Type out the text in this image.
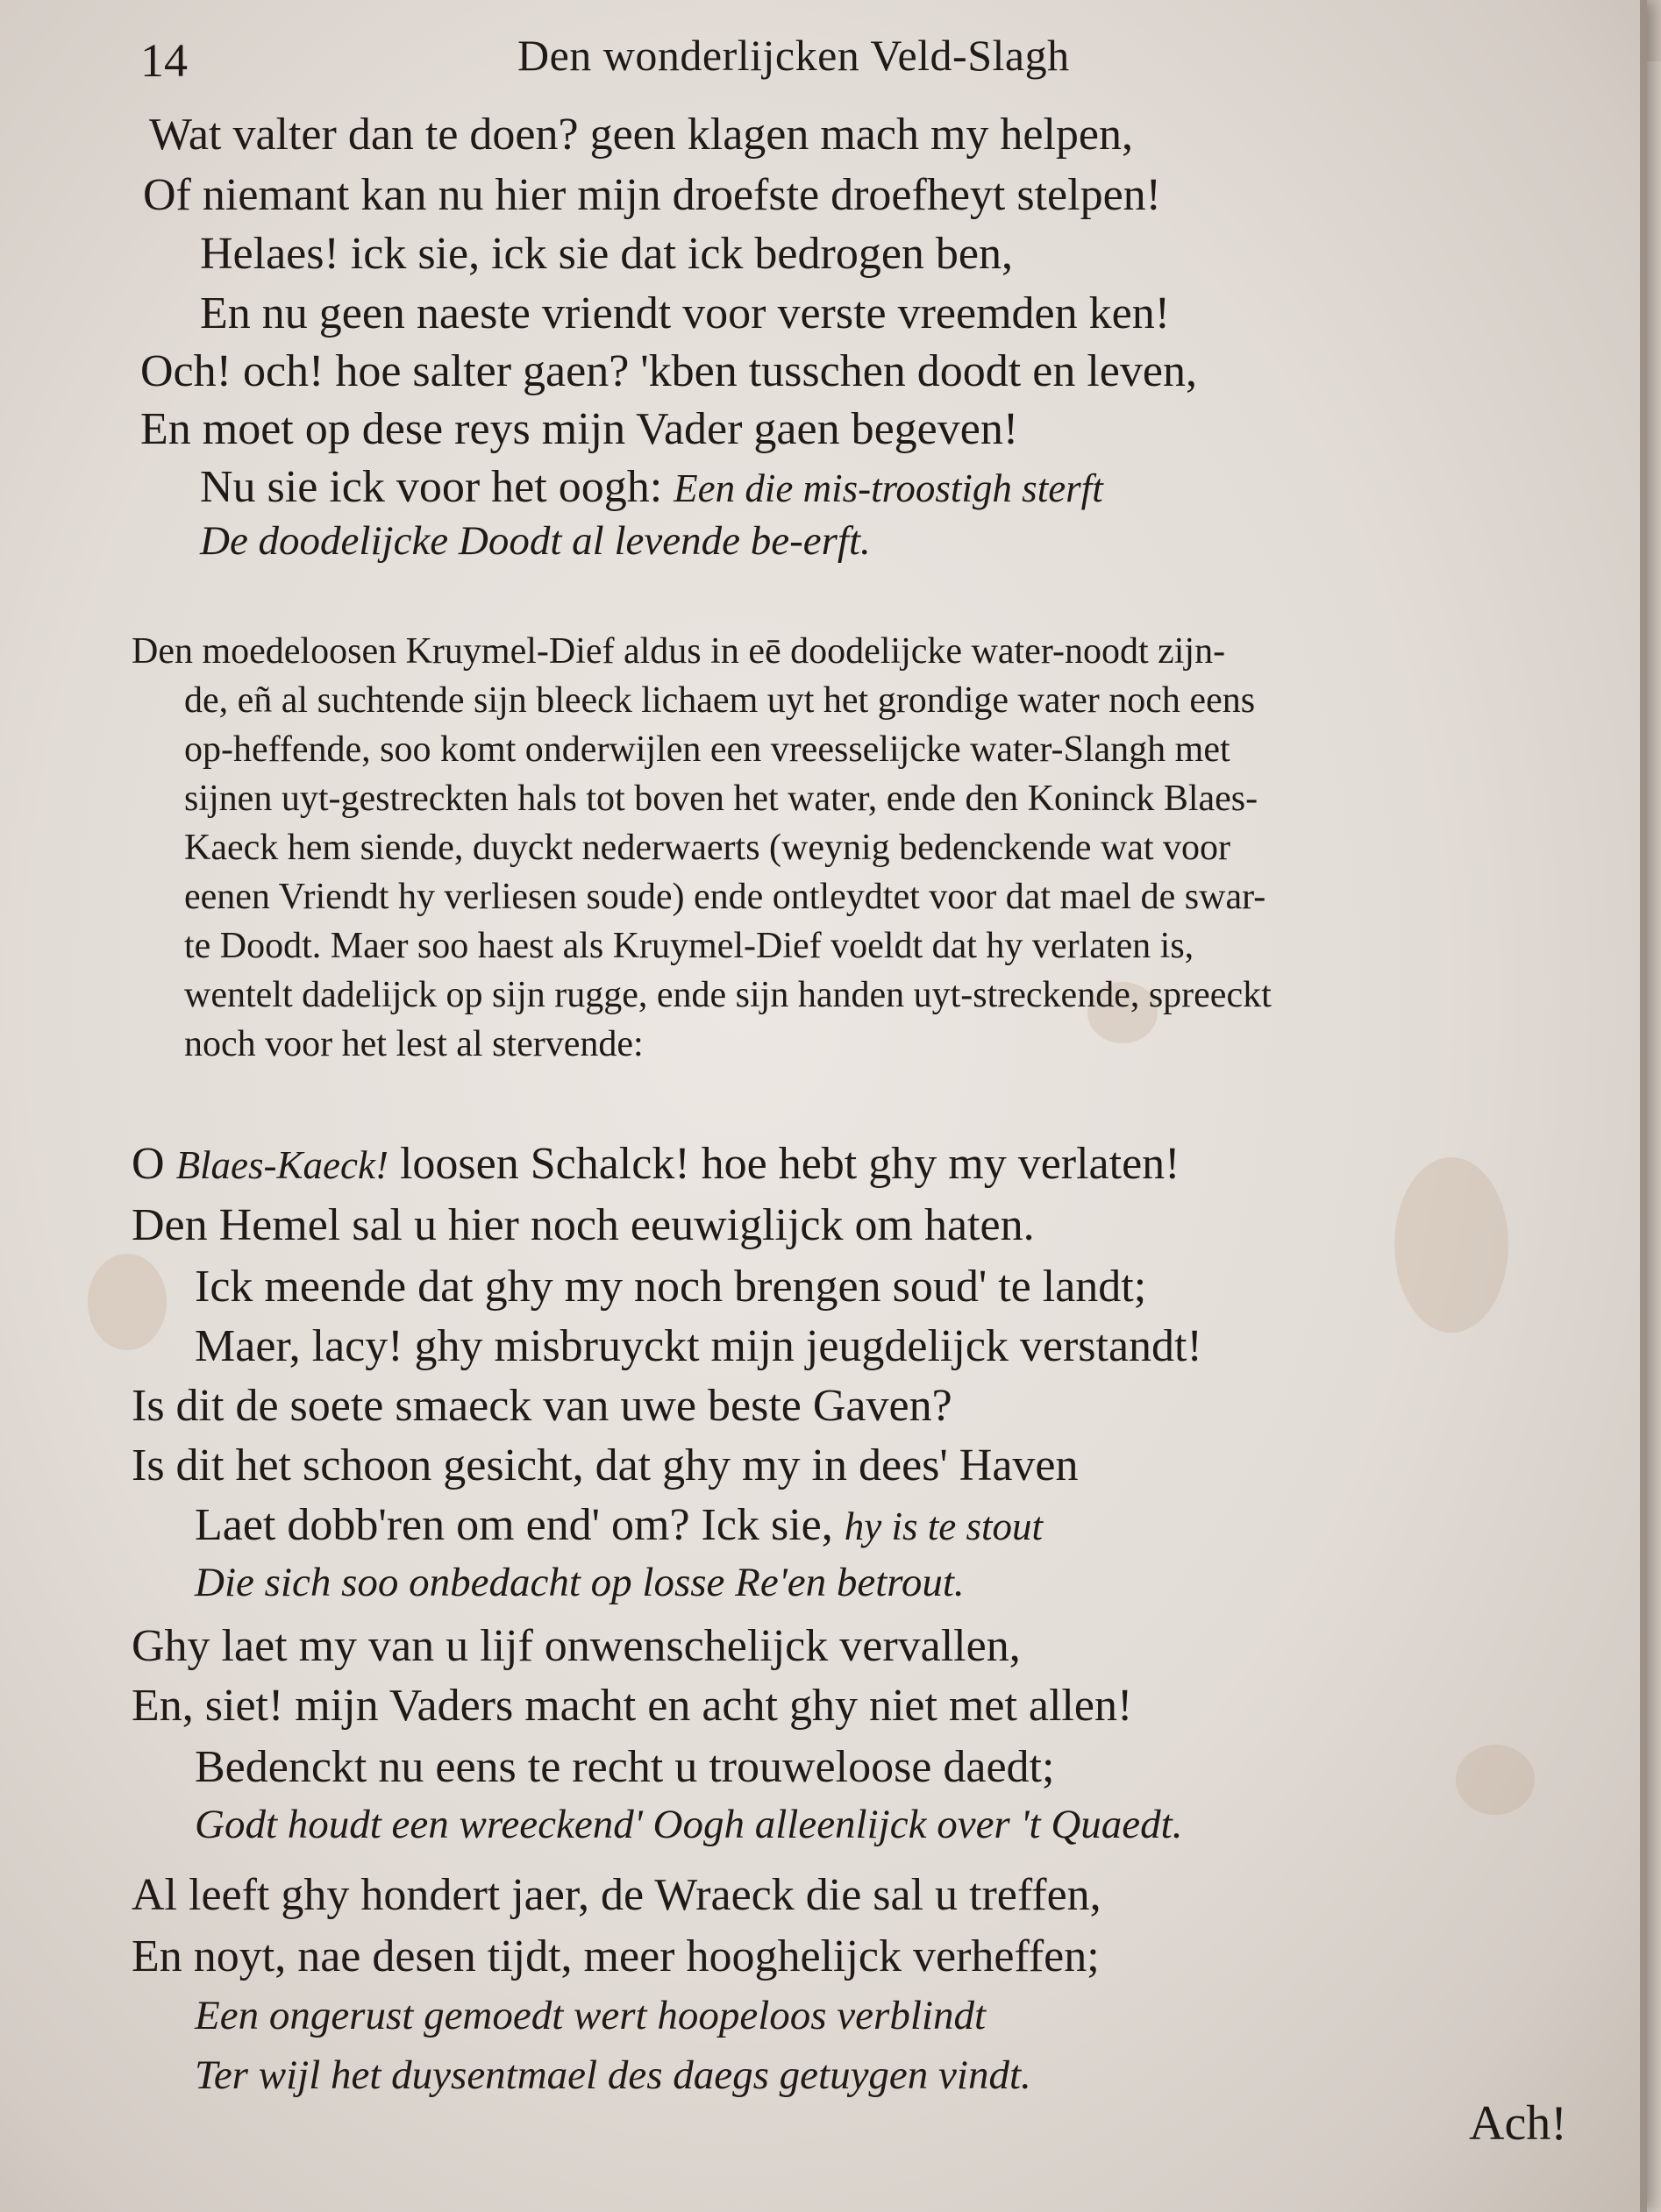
14	Den wonderlijcken Veld-Slagh
Wat valter dan te doen? geen klagen mach my helpen,
Of niemant kan nu hier mijn droefste droefheyt stelpen!
Helaes! ick sie, ick sie dat ick bedrogen ben,
En nu geen naeste vriendt voor verste vreemden ken!
Och! och! hoe salter gaen? 'kben tusschen doodt en leven,
En moet op dese reys mijn Vader gaen begeven!
Nu sie ick voor het oogh: Een die mis-troostigh sterft
De doodelijcke Doodt al levende be-erft.
Den moedeloosen Kruymel-Dief aldus in eē doodelijcke water-noodt zijn-
de, eñ al suchtende sijn bleeck lichaem uyt het grondige water noch eens
op-heffende, soo komt onderwijlen een vreesselijcke water-Slangh met
sijnen uyt-gestreckten hals tot boven het water, ende den Koninck Blaes-
Kaeck hem siende, duyckt nederwaerts (weynig bedenckende wat voor
eenen Vriendt hy verliesen soude) ende ontleydtet voor dat mael de swar-
te Doodt. Maer soo haest als Kruymel-Dief voeldt dat hy verlaten is,
wentelt dadelijck op sijn rugge, ende sijn handen uyt-streckende, spreeckt
noch voor het lest al stervende:
O Blaes-Kaeck! loosen Schalck! hoe hebt ghy my verlaten!
Den Hemel sal u hier noch eeuwiglijck om haten.
Ick meende dat ghy my noch brengen soud' te landt;
Maer, lacy! ghy misbruyckt mijn jeugdelijck verstandt!
Is dit de soete smaeck van uwe beste Gaven?
Is dit het schoon gesicht, dat ghy my in dees' Haven
Laet dobb'ren om end' om? Ick sie, hy is te stout
Die sich soo onbedacht op losse Re'en betrout.
Ghy laet my van u lijf onwenschelijck vervallen,
En, siet! mijn Vaders macht en acht ghy niet met allen!
Bedenckt nu eens te recht u trouweloose daedt;
Godt houdt een wreeckend' Oogh alleenlijck over 't Quaedt.
Al leeft ghy hondert jaer, de Wraeck die sal u treffen,
En noyt, nae desen tijdt, meer hooghelijck verheffen;
Een ongerust gemoedt wert hoopeloos verblindt
Ter wijl het duysentmael des daegs getuygen vindt.
Ach!
